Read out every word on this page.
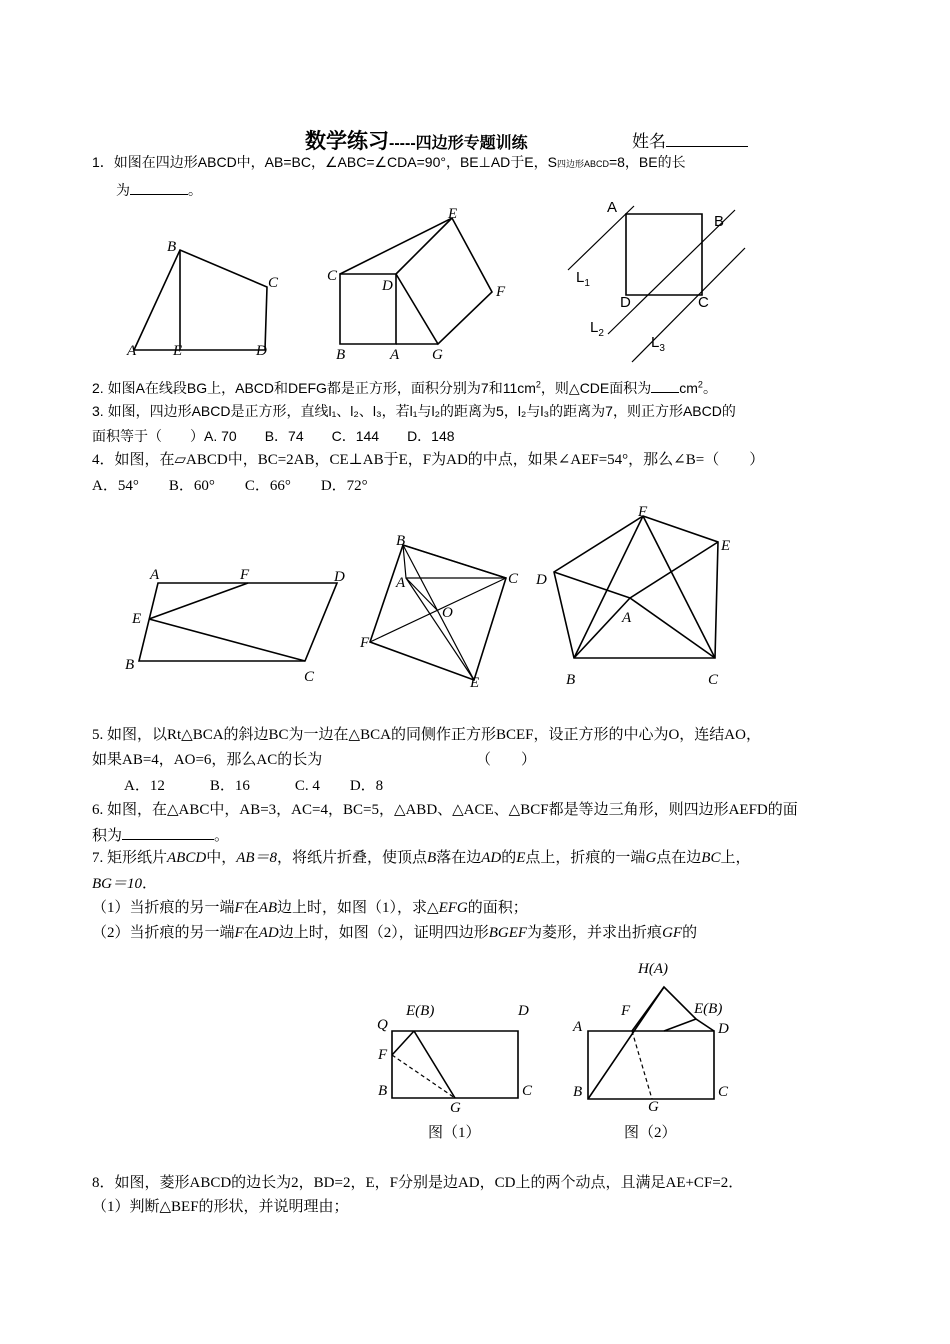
数学练习-----四边形专题训练	姓名
1．如图在四边形ABCD中，AB=BC，∠ABC=∠CDA=90°，BE⊥AD于E，S四边形ABCD=8，BE的长
为	。
B
C
A E	D
E
C
D	F
B	A G
A
B
D	C
$L_1$
$L_2$
$L_3$
2. 如图A在线段BG上，ABCD和DEFG都是正方形，面积分别为7和$11cm^2$，则△CDE面积为 $cm^2$。
3. 如图，四边形ABCD是正方形，直线l₁、l₂、l₃，若l₁与l₂的距离为5，l₂与l₃的距离为7，则正方形ABCD的
面积等于（　　）A. 70　　B．74　　C．144　　D．148
4．如图，在▱ABCD中，BC=2AB，CE⊥AB于E，F为AD的中点，如果∠AEF=54°，那么∠B=（　　）
A．54°　　B．60°　　C．66°　　D．72°
A	F	D
E
B
C
B
A	C
O
F
E
F
E
D
A
B	C
5. 如图，以Rt△BCA的斜边BC为一边在△BCA的同侧作正方形BCEF，设正方形的中心为O，连结AO，
如果AB=4，AO=6，那么AC的长为	（　　）
A．12　　　B．16　　　C. 4　　D．8
6. 如图，在△ABC中，AB=3，AC=4，BC=5，△ABD、△ACE、△BCF都是等边三角形，则四边形AEFD的面
积为	。
7. 矩形纸片ABCD中，AB＝8，将纸片折叠，使顶点B落在边AD的E点上，折痕的一端G点在边BC上，
BG＝10．
（1）当折痕的另一端F在AB边上时，如图（1），求△EFG的面积；
（2）当折痕的另一端F在AD边上时，如图（2），证明四边形BGEF为菱形，并求出折痕GF的
E(B)	D
Q
F
B	C
G
H(A)
F	E(B)
A	D
B	C
G
图（1）	图（2）
8．如图，菱形ABCD的边长为2，BD=2，E，F分别是边AD，CD上的两个动点，且满足AE+CF=2．
（1）判断△BEF的形状，并说明理由；
